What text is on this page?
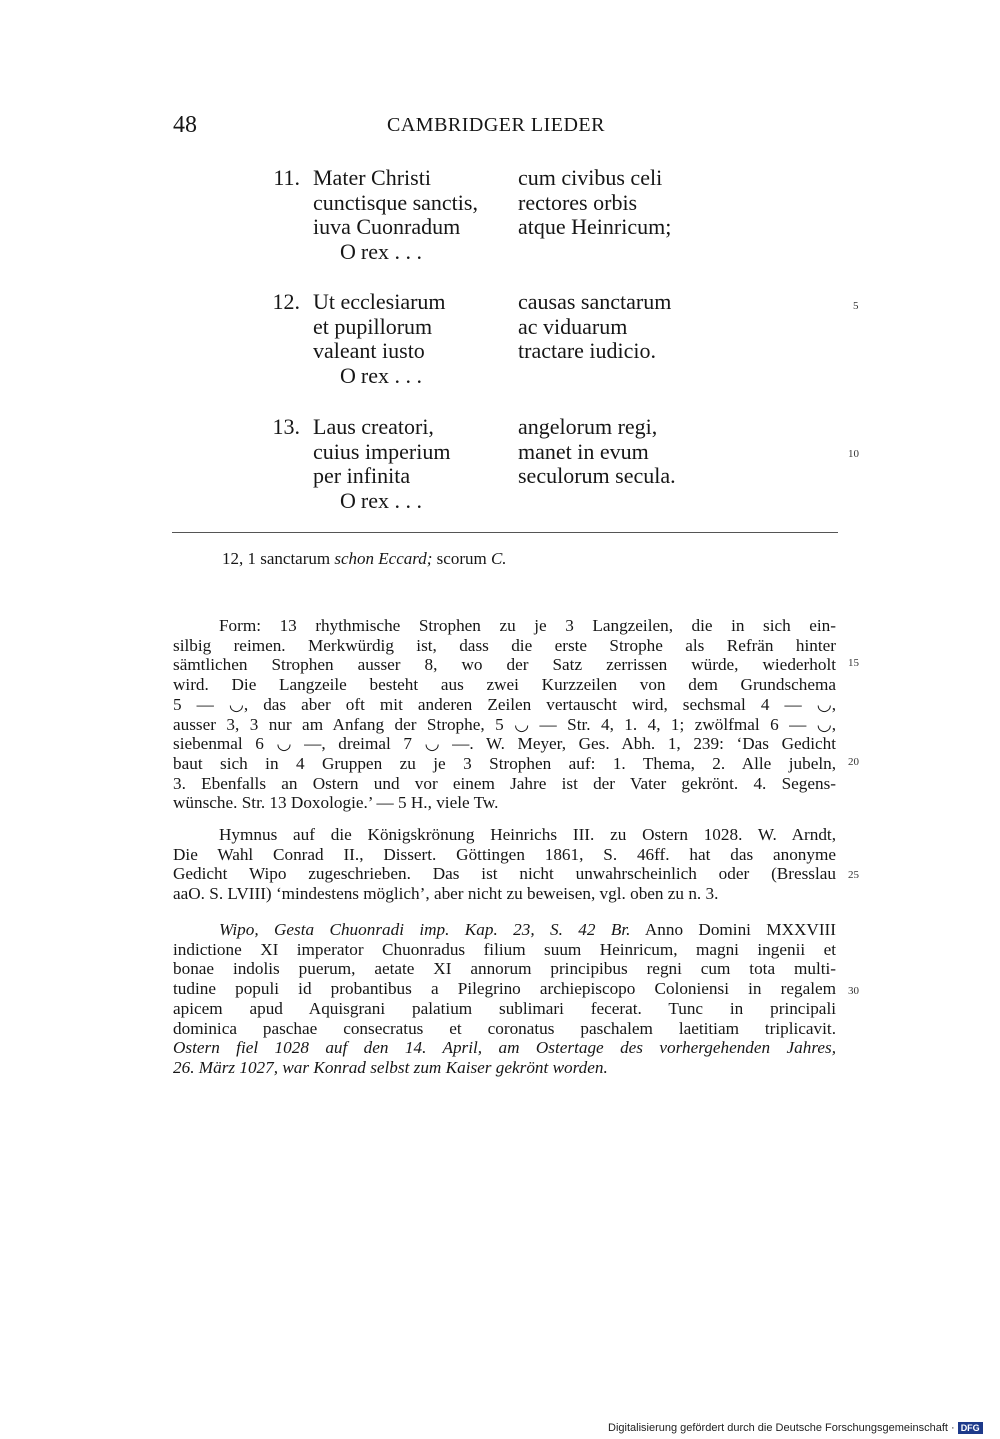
48	CAMBRIDGER LIEDER
11. Mater Christi
cunctisque sanctis,
iuva Cuonradum
O rex . . .
cum civibus celi
rectores orbis
atque Heinricum;
12. Ut ecclesiarum
et pupillorum
valeant iusto
O rex . . .
causas sanctarum
ac viduarum
tractare iudicio.
13. Laus creatori,
cuius imperium
per infinita
O rex . . .
angelorum regi,
manet in evum
seculorum secula.
5
10
15
20
25
30
12, 1 sanctarum schon Eccard; scorum C.
Form: 13 rhythmische Strophen zu je 3 Langzeilen, die in sich ein-
silbig reimen. Merkwürdig ist, dass die erste Strophe als Refrän hinter
sämtlichen Strophen ausser 8, wo der Satz zerrissen würde, wiederholt
wird. Die Langzeile besteht aus zwei Kurzzeilen von dem Grundschema
5 — ◡, das aber oft mit anderen Zeilen vertauscht wird, sechsmal 4 — ◡,
ausser 3, 3 nur am Anfang der Strophe, 5 ◡ — Str. 4, 1. 4, 1; zwölfmal 6 — ◡,
siebenmal 6 ◡ —, dreimal 7 ◡ —. W. Meyer, Ges. Abh. 1, 239: ‘Das Gedicht
baut sich in 4 Gruppen zu je 3 Strophen auf: 1. Thema, 2. Alle jubeln,
3. Ebenfalls an Ostern und vor einem Jahre ist der Vater gekrönt. 4. Segens-
wünsche. Str. 13 Doxologie.’ — 5 H., viele Tw.
Hymnus auf die Königskrönung Heinrichs III. zu Ostern 1028. W. Arndt,
Die Wahl Conrad II., Dissert. Göttingen 1861, S. 46ff. hat das anonyme
Gedicht Wipo zugeschrieben. Das ist nicht unwahrscheinlich oder (Bresslau
aaO. S. LVIII) ‘mindestens möglich’, aber nicht zu beweisen, vgl. oben zu n. 3.
Wipo, Gesta Chuonradi imp. Kap. 23, S. 42 Br. Anno Domini MXXVIII
indictione XI imperator Chuonradus filium suum Heinricum, magni ingenii et
bonae indolis puerum, aetate XI annorum principibus regni cum tota multi-
tudine populi id probantibus a Pilegrino archiepiscopo Coloniensi in regalem
apicem apud Aquisgrani palatium sublimari fecerat. Tunc in principali
dominica paschae consecratus et coronatus paschalem laetitiam triplicavit.
Ostern fiel 1028 auf den 14. April, am Ostertage des vorhergehenden Jahres,
26. März 1027, war Konrad selbst zum Kaiser gekrönt worden.
Digitalisierung gefördert durch die Deutsche Forschungsgemeinschaft · DFG
